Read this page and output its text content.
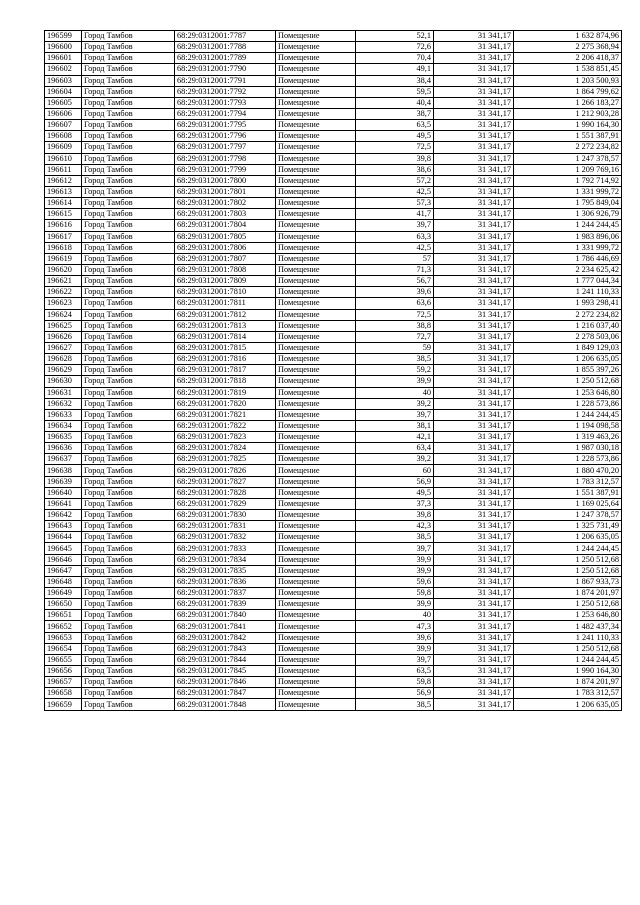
196599	Город Тамбов	68:29:0312001:7787	Помещение	52,1	31 341,17	1 632 874,96
196600	Город Тамбов	68:29:0312001:7788	Помещение	72,6	31 341,17	2 275 368,94
196601	Город Тамбов	68:29:0312001:7789	Помещение	70,4	31 341,17	2 206 418,37
196602	Город Тамбов	68:29:0312001:7790	Помещение	49,1	31 341,17	1 538 851,45
196603	Город Тамбов	68:29:0312001:7791	Помещение	38,4	31 341,17	1 203 500,93
196604	Город Тамбов	68:29:0312001:7792	Помещение	59,5	31 341,17	1 864 799,62
196605	Город Тамбов	68:29:0312001:7793	Помещение	40,4	31 341,17	1 266 183,27
196606	Город Тамбов	68:29:0312001:7794	Помещение	38,7	31 341,17	1 212 903,28
196607	Город Тамбов	68:29:0312001:7795	Помещение	63,5	31 341,17	1 990 164,30
196608	Город Тамбов	68:29:0312001:7796	Помещение	49,5	31 341,17	1 551 387,91
196609	Город Тамбов	68:29:0312001:7797	Помещение	72,5	31 341,17	2 272 234,82
196610	Город Тамбов	68:29:0312001:7798	Помещение	39,8	31 341,17	1 247 378,57
196611	Город Тамбов	68:29:0312001:7799	Помещение	38,6	31 341,17	1 209 769,16
196612	Город Тамбов	68:29:0312001:7800	Помещение	57,2	31 341,17	1 792 714,92
196613	Город Тамбов	68:29:0312001:7801	Помещение	42,5	31 341,17	1 331 999,72
196614	Город Тамбов	68:29:0312001:7802	Помещение	57,3	31 341,17	1 795 849,04
196615	Город Тамбов	68:29:0312001:7803	Помещение	41,7	31 341,17	1 306 926,79
196616	Город Тамбов	68:29:0312001:7804	Помещение	39,7	31 341,17	1 244 244,45
196617	Город Тамбов	68:29:0312001:7805	Помещение	63,3	31 341,17	1 983 896,06
196618	Город Тамбов	68:29:0312001:7806	Помещение	42,5	31 341,17	1 331 999,72
196619	Город Тамбов	68:29:0312001:7807	Помещение	57	31 341,17	1 786 446,69
196620	Город Тамбов	68:29:0312001:7808	Помещение	71,3	31 341,17	2 234 625,42
196621	Город Тамбов	68:29:0312001:7809	Помещение	56,7	31 341,17	1 777 044,34
196622	Город Тамбов	68:29:0312001:7810	Помещение	39,6	31 341,17	1 241 110,33
196623	Город Тамбов	68:29:0312001:7811	Помещение	63,6	31 341,17	1 993 298,41
196624	Город Тамбов	68:29:0312001:7812	Помещение	72,5	31 341,17	2 272 234,82
196625	Город Тамбов	68:29:0312001:7813	Помещение	38,8	31 341,17	1 216 037,40
196626	Город Тамбов	68:29:0312001:7814	Помещение	72,7	31 341,17	2 278 503,06
196627	Город Тамбов	68:29:0312001:7815	Помещение	59	31 341,17	1 849 129,03
196628	Город Тамбов	68:29:0312001:7816	Помещение	38,5	31 341,17	1 206 635,05
196629	Город Тамбов	68:29:0312001:7817	Помещение	59,2	31 341,17	1 855 397,26
196630	Город Тамбов	68:29:0312001:7818	Помещение	39,9	31 341,17	1 250 512,68
196631	Город Тамбов	68:29:0312001:7819	Помещение	40	31 341,17	1 253 646,80
196632	Город Тамбов	68:29:0312001:7820	Помещение	39,2	31 341,17	1 228 573,86
196633	Город Тамбов	68:29:0312001:7821	Помещение	39,7	31 341,17	1 244 244,45
196634	Город Тамбов	68:29:0312001:7822	Помещение	38,1	31 341,17	1 194 098,58
196635	Город Тамбов	68:29:0312001:7823	Помещение	42,1	31 341,17	1 319 463,26
196636	Город Тамбов	68:29:0312001:7824	Помещение	63,4	31 341,17	1 987 030,18
196637	Город Тамбов	68:29:0312001:7825	Помещение	39,2	31 341,17	1 228 573,86
196638	Город Тамбов	68:29:0312001:7826	Помещение	60	31 341,17	1 880 470,20
196639	Город Тамбов	68:29:0312001:7827	Помещение	56,9	31 341,17	1 783 312,57
196640	Город Тамбов	68:29:0312001:7828	Помещение	49,5	31 341,17	1 551 387,91
196641	Город Тамбов	68:29:0312001:7829	Помещение	37,3	31 341,17	1 169 025,64
196642	Город Тамбов	68:29:0312001:7830	Помещение	39,8	31 341,17	1 247 378,57
196643	Город Тамбов	68:29:0312001:7831	Помещение	42,3	31 341,17	1 325 731,49
196644	Город Тамбов	68:29:0312001:7832	Помещение	38,5	31 341,17	1 206 635,05
196645	Город Тамбов	68:29:0312001:7833	Помещение	39,7	31 341,17	1 244 244,45
196646	Город Тамбов	68:29:0312001:7834	Помещение	39,9	31 341,17	1 250 512,68
196647	Город Тамбов	68:29:0312001:7835	Помещение	39,9	31 341,17	1 250 512,68
196648	Город Тамбов	68:29:0312001:7836	Помещение	59,6	31 341,17	1 867 933,73
196649	Город Тамбов	68:29:0312001:7837	Помещение	59,8	31 341,17	1 874 201,97
196650	Город Тамбов	68:29:0312001:7839	Помещение	39,9	31 341,17	1 250 512,68
196651	Город Тамбов	68:29:0312001:7840	Помещение	40	31 341,17	1 253 646,80
196652	Город Тамбов	68:29:0312001:7841	Помещение	47,3	31 341,17	1 482 437,34
196653	Город Тамбов	68:29:0312001:7842	Помещение	39,6	31 341,17	1 241 110,33
196654	Город Тамбов	68:29:0312001:7843	Помещение	39,9	31 341,17	1 250 512,68
196655	Город Тамбов	68:29:0312001:7844	Помещение	39,7	31 341,17	1 244 244,45
196656	Город Тамбов	68:29:0312001:7845	Помещение	63,5	31 341,17	1 990 164,30
196657	Город Тамбов	68:29:0312001:7846	Помещение	59,8	31 341,17	1 874 201,97
196658	Город Тамбов	68:29:0312001:7847	Помещение	56,9	31 341,17	1 783 312,57
196659	Город Тамбов	68:29:0312001:7848	Помещение	38,5	31 341,17	1 206 635,05
